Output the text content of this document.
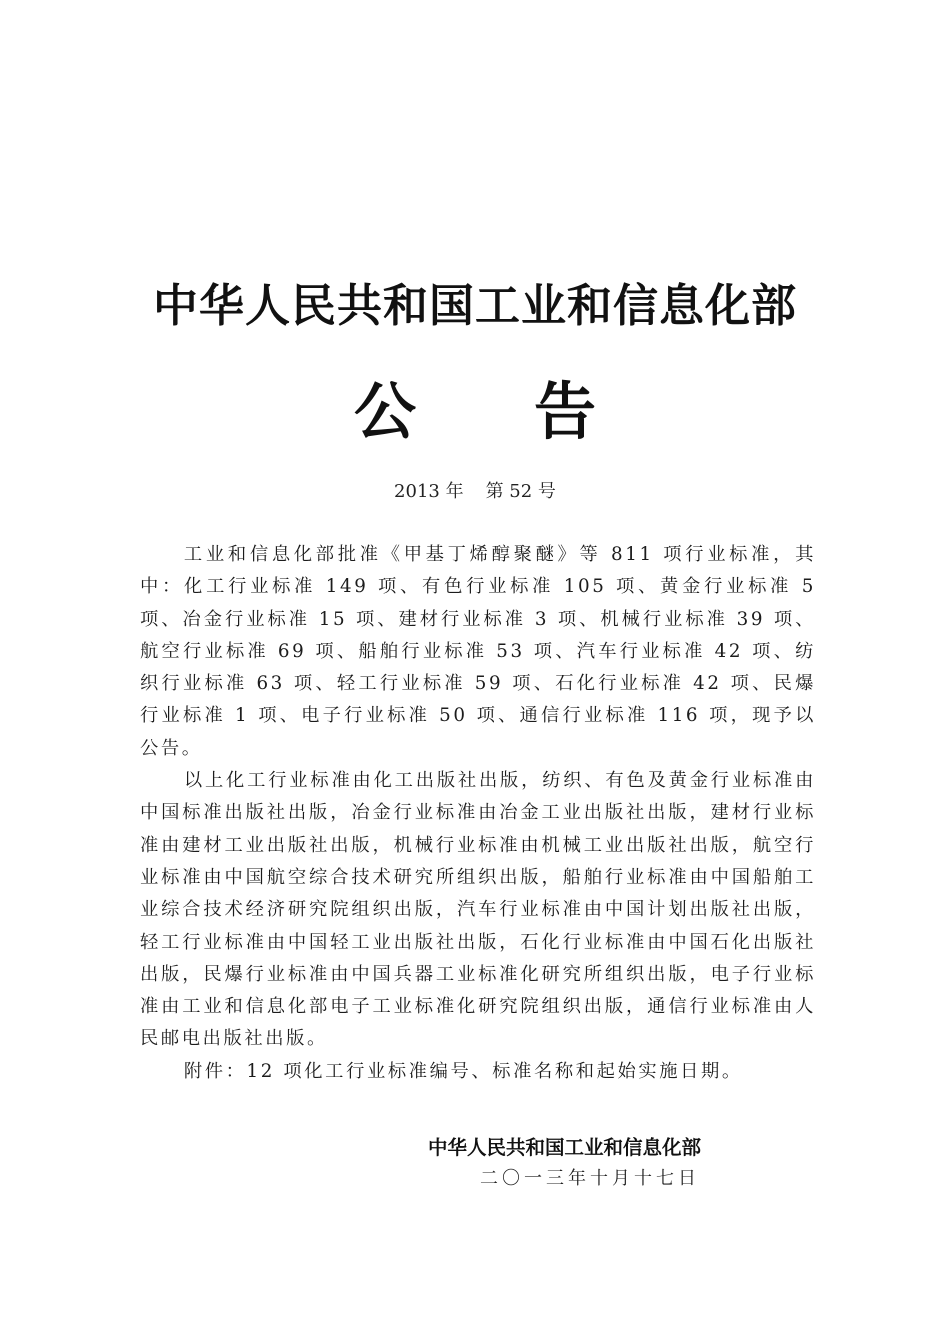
中华人民共和国工业和信息化部
公 告
2013 年 第 52 号

工业和信息化部批准《甲基丁烯醇聚醚》等 811 项行业标准，其中：化工行业标准 149 项、有色行业标准 105 项、黄金行业标准 5 项、冶金行业标准 15 项、建材行业标准 3 项、机械行业标准 39 项、航空行业标准 69 项、船舶行业标准 53 项、汽车行业标准 42 项、纺织行业标准 63 项、轻工行业标准 59 项、石化行业标准 42 项、民爆行业标准 1 项、电子行业标准 50 项、通信行业标准 116 项，现予以公告。

以上化工行业标准由化工出版社出版，纺织、有色及黄金行业标准由中国标准出版社出版，冶金行业标准由冶金工业出版社出版，建材行业标准由建材工业出版社出版，机械行业标准由机械工业出版社出版，航空行业标准由中国航空综合技术研究所组织出版，船舶行业标准由中国船舶工业综合技术经济研究院组织出版，汽车行业标准由中国计划出版社出版，轻工行业标准由中国轻工业出版社出版，石化行业标准由中国石化出版社出版，民爆行业标准由中国兵器工业标准化研究所组织出版，电子行业标准由工业和信息化部电子工业标准化研究院组织出版，通信行业标准由人民邮电出版社出版。

附件：12 项化工行业标准编号、标准名称和起始实施日期。

中华人民共和国工业和信息化部
二〇一三年十月十七日
